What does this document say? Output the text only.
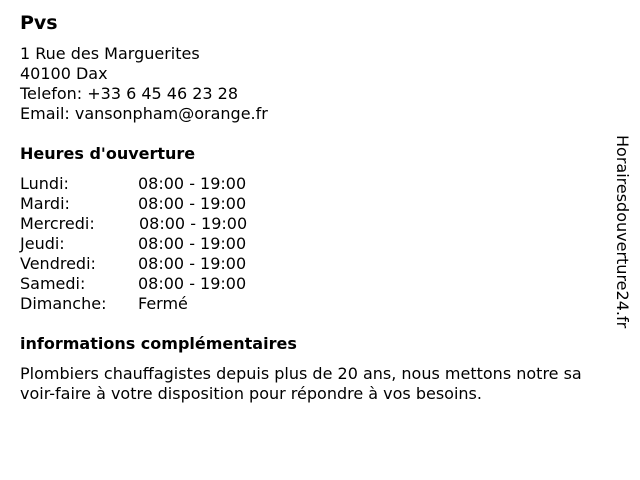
Pvs
1 Rue des Marguerites
40100 Dax
Telefon: +33 6 45 46 23 28
Email: vansonpham@orange.fr
Heures d'ouverture
Lundi:	08:00 - 19:00
Mardi:	08:00 - 19:00
Mercredi:	08:00 - 19:00
Jeudi:	08:00 - 19:00
Vendredi:	08:00 - 19:00
Samedi:	08:00 - 19:00
Dimanche: Fermé
informations complémentaires
Plombiers chauffagistes depuis plus de 20 ans, nous mettons notre sa
voir-faire à votre disposition pour répondre à vos besoins.
Horairesdouverture24.fr
